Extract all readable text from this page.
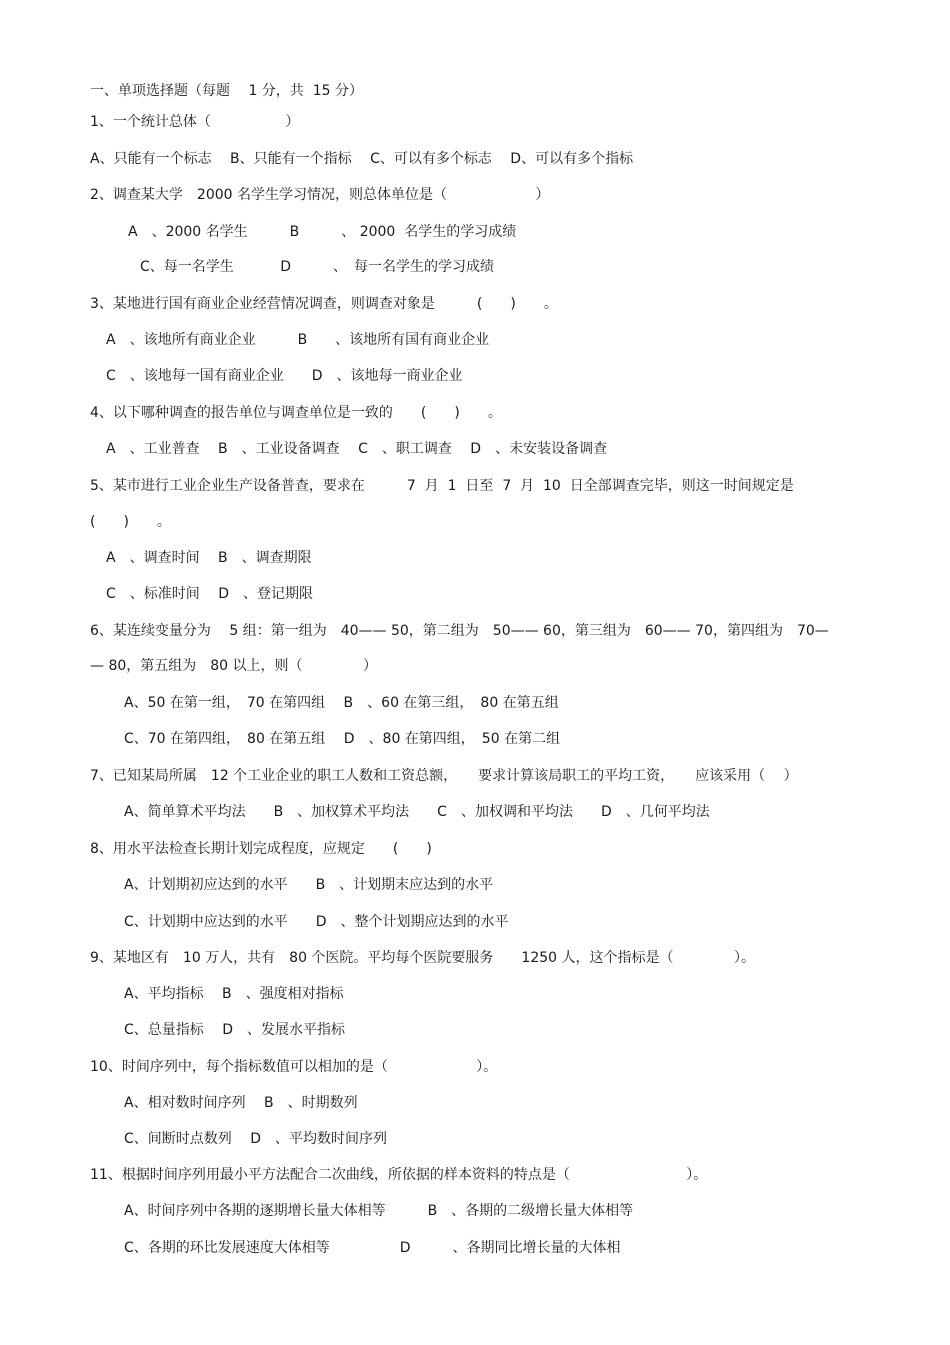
一、单项选择题（每题　 1 分，共  15 分）
1、一个统计总体（　　　　　 ）
A、只能有一个标志　 B、只能有一个指标　 C、可以有多个标志　 D、可以有多个指标
2、调查某大学　2000 名学生学习情况，则总体单位是（　　　　　　 ）
A　、2000 名学生　　　B　　　、 2000  名学生的学习成绩
C、每一名学生　　　 D　　　、　每一名学生的学习成绩
3、某地进行国有商业企业经营情况调查，则调查对象是　　　(　　)　　。
A　、该地所有商业企业　　　B　　、该地所有国有商业企业
C　、该地每一国有商业企业　　D　、该地每一商业企业
4、以下哪种调查的报告单位与调查单位是一致的　　(　　)　　。
A　、工业普查　 B　、工业设备调查　 C　、职工调查　 D　、未安装设备调查
5、某市进行工业企业生产设备普查，要求在　　　7  月  1  日至  7  月  10  日全部调查完毕，则这一时间规定是
(　　)　　。
A　、调查时间　 B　、调查期限
C　、标准时间　 D　、登记期限
6、某连续变量分为　 5 组：第一组为　40—— 50，第二组为　50—— 60，第三组为　60—— 70，第四组为　70—
— 80，第五组为　80 以上，则（　　　　 ）
A、50 在第一组，　70 在第四组　 B　、60 在第三组，　80 在第五组
C、70 在第四组，　80 在第五组　 D　、80 在第四组，　50 在第二组
7、已知某局所属　12 个工业企业的职工人数和工资总额，　　要求计算该局职工的平均工资，　　应该采用（　 ）
A、简单算术平均法　　B　、加权算术平均法　　C　、加权调和平均法　　D　、几何平均法
8、用水平法检查长期计划完成程度，应规定　　(　　)
A、计划期初应达到的水平　　B　、计划期末应达到的水平
C、计划期中应达到的水平　　D　、整个计划期应达到的水平
9、某地区有　10 万人，共有　80 个医院。平均每个医院要服务　　1250 人，这个指标是（　　　　 ）。
A、平均指标　 B　、强度相对指标
C、总量指标　 D　、发展水平指标
10、时间序列中，每个指标数值可以相加的是（　　　　　　 ）。
A、相对数时间序列　 B　、时期数列
C、间断时点数列　 D　、平均数时间序列
11、根据时间序列用最小平方法配合二次曲线，所依据的样本资料的特点是（　　　　　　　　 ）。
A、时间序列中各期的逐期增长量大体相等　　　B　、各期的二级增长量大体相等
C、各期的环比发展速度大体相等　　　　　D　　　、各期同比增长量的大体相
